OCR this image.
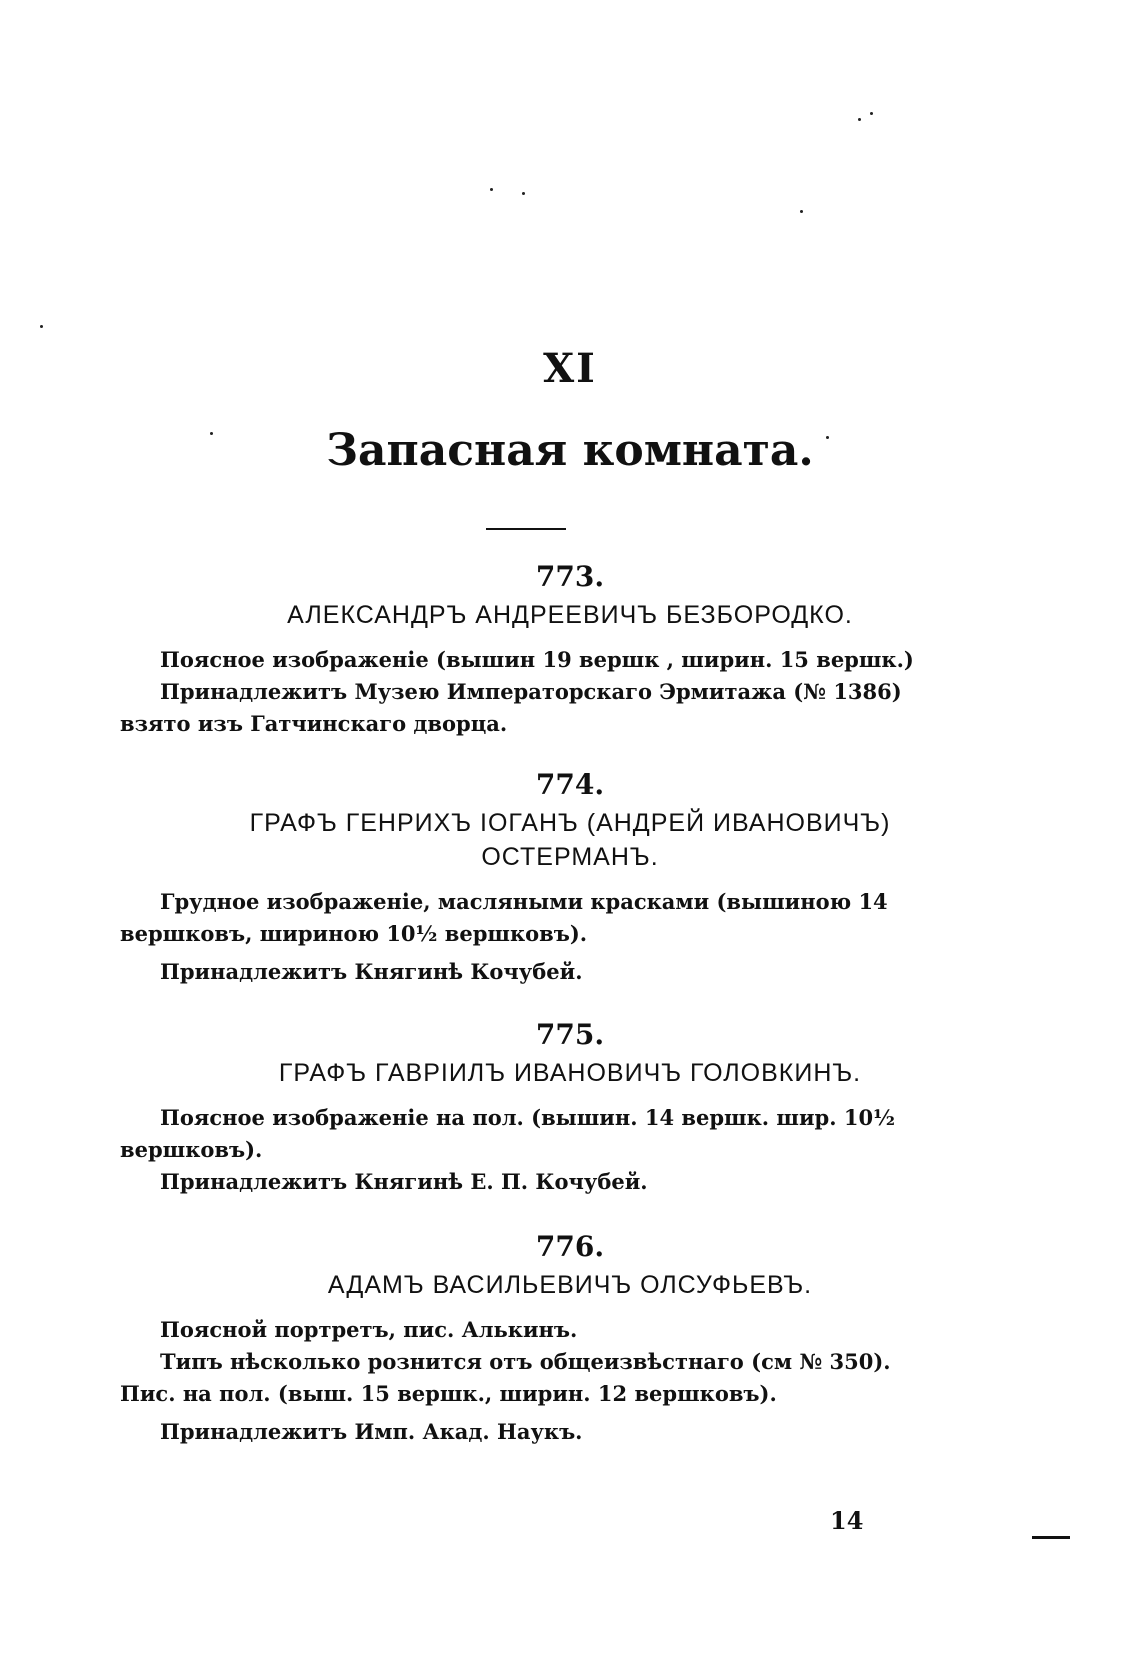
XI
Запасная комната.
773.
АЛЕКСАНДРЪ АНДРЕЕВИЧЪ БЕЗБОРОДКО.

Поясное изображеніе (вышин 19 вершк , ширин. 15 вершк.)

Принадлежитъ Музею Императорскаго Эрмитажа (№ 1386)

взято изъ Гатчинскаго дворца.

774.
ГРАФЪ ГЕНРИХЪ ІОГАНЪ (АНДРЕЙ ИВАНОВИЧЪ)
ОСТЕРМАНЪ.

Грудное изображеніе, масляными красками (вышиною 14

вершковъ, шириною 10½ вершковъ).

Принадлежитъ Княгинѣ Кочубей.

775.
ГРАФЪ ГАВРІИЛЪ ИВАНОВИЧЪ ГОЛОВКИНЪ.

Поясное изображеніе на пол. (вышин. 14 вершк. шир. 10½

вершковъ).

Принадлежитъ Княгинѣ Е. П. Кочубей.

776.
АДАМЪ ВАСИЛЬЕВИЧЪ ОЛСУФЬЕВЪ.

Поясной портретъ, пис. Алькинъ.

Типъ нѣсколько рознится отъ общеизвѣстнаго (см № 350).

Пис. на пол. (выш. 15 вершк., ширин. 12 вершковъ).

Принадлежитъ Имп. Акад. Наукъ.

14
